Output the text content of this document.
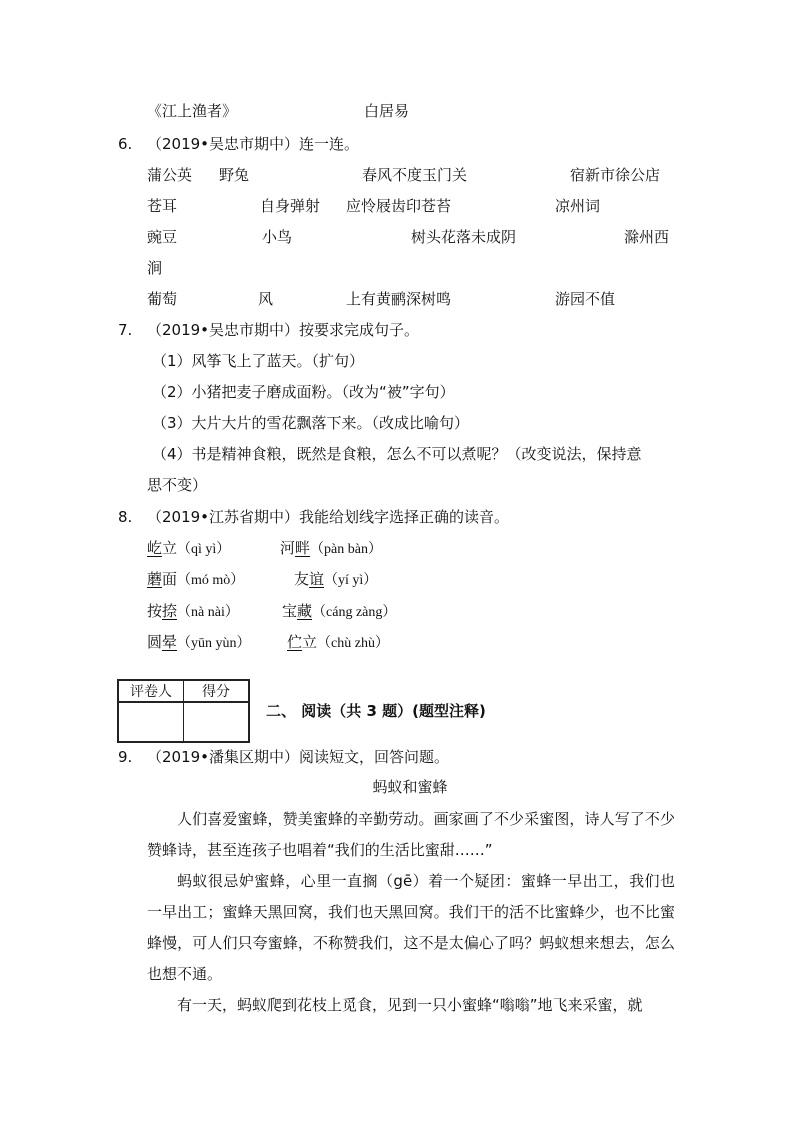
《江上渔者》	白居易
6. （2019•吴忠市期中）连一连。
蒲公英 野兔	春风不度玉门关	宿新市徐公店
苍耳	自身弹射 应怜屐齿印苍苔	凉州词
豌豆	小鸟	树头花落未成阴	滁州西
涧
葡萄	风	上有黄鹂深树鸣	游园不值
7. （2019•吴忠市期中）按要求完成句子。
（1）风筝飞上了蓝天。（扩句）
（2）小猪把麦子磨成面粉。（改为“被”字句）
（3）大片大片的雪花飘落下来。（改成比喻句）
（4）书是精神食粮，既然是食粮，怎么不可以煮呢？（改变说法，保持意
思不变）
8. （2019•江苏省期中）我能给划线字选择正确的读音。
屹立（qì yì）	河畔（pàn bàn）
蘑面（mó mò）	友谊（yí yì）
按捺（nà nài）	宝藏（cáng zàng）
圆晕（yūn yùn） 伫立（chù zhù）
评卷人	得分

二、 阅读（共 3 题）(题型注释)
9. （2019•潘集区期中）阅读短文，回答问题。
蚂蚁和蜜蜂
人们喜爱蜜蜂，赞美蜜蜂的辛勤劳动。画家画了不少采蜜图，诗人写了不少赞蜂诗，甚至连孩子也唱着“我们的生活比蜜甜……”
蚂蚁很忌妒蜜蜂，心里一直搁（gē）着一个疑团：蜜蜂一早出工，我们也一早出工；蜜蜂天黑回窝，我们也天黑回窝。我们干的活不比蜜蜂少，也不比蜜蜂慢，可人们只夸蜜蜂，不称赞我们，这不是太偏心了吗？蚂蚁想来想去，怎么也想不通。
有一天，蚂蚁爬到花枝上觅食，见到一只小蜜蜂“嗡嗡”地飞来采蜜，就
